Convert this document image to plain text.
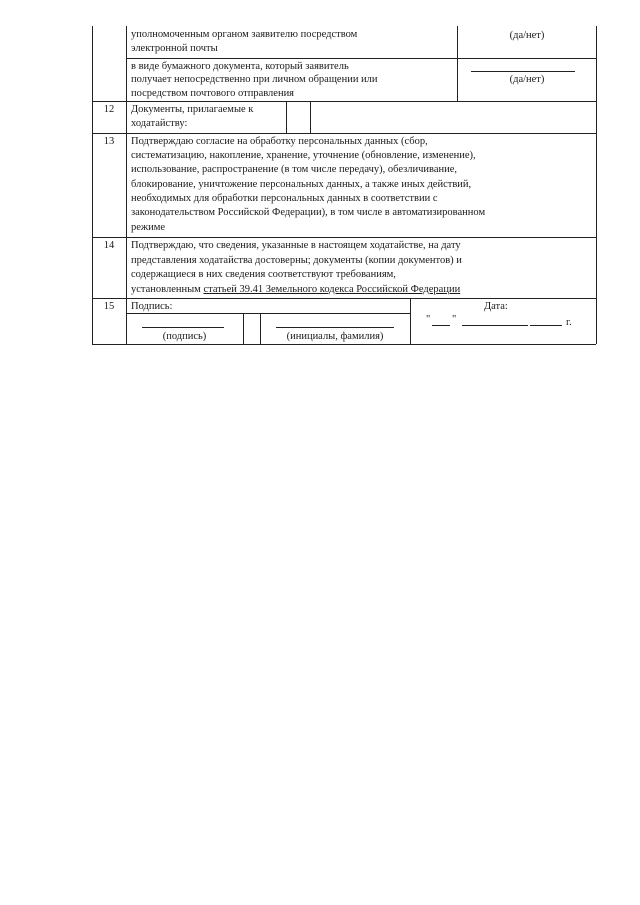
уполномоченным органом заявителю посредством
электронной почты
(да/нет)
в виде бумажного документа, который заявитель
получает непосредственно при личном обращении или
посредством почтового отправления
(да/нет)
12	Документы, прилагаемые к
ходатайству:
13	Подтверждаю согласие на обработку персональных данных (сбор,
систематизацию, накопление, хранение, уточнение (обновление, изменение),
использование, распространение (в том числе передачу), обезличивание,
блокирование, уничтожение персональных данных, а также иных действий,
необходимых для обработки персональных данных в соответствии с
законодательством Российской Федерации), в том числе в автоматизированном
режиме
14	Подтверждаю, что сведения, указанные в настоящем ходатайстве, на дату
представления ходатайства достоверны; документы (копии документов) и
содержащиеся в них сведения соответствуют требованиям,
установленным статьей 39.41 Земельного кодекса Российской Федерации
15	Подпись:	Дата:
(подпись)	(инициалы, фамилия)
" "	г.
